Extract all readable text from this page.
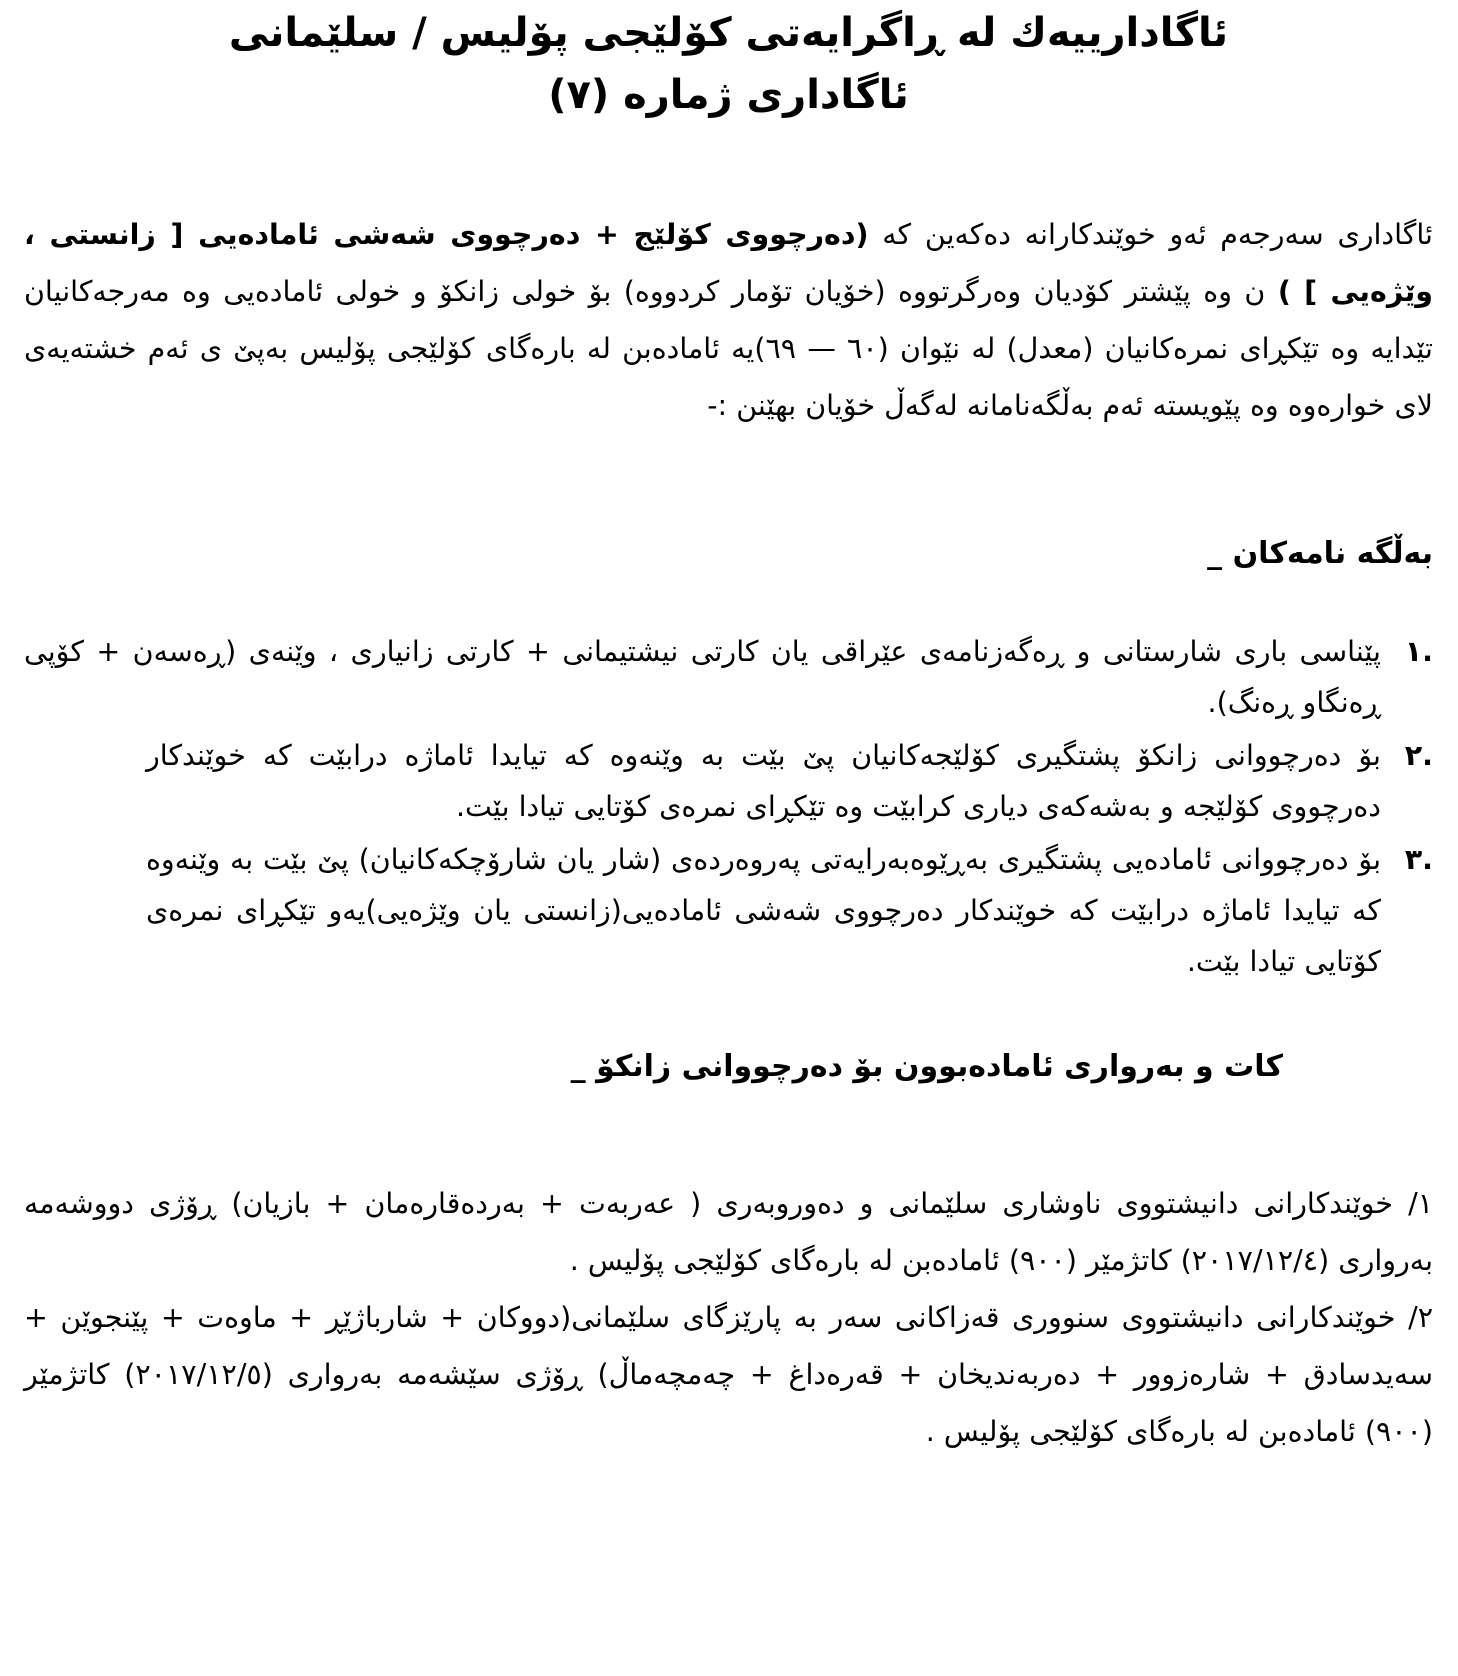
ئاگادارییەك لە ڕاگرایەتی كۆلێجی پۆلیس / سلێمانی

ئاگاداری ژمارە (٧)

ئاگاداری سەرجەم ئەو خوێندكارانە دەكەین كە (دەرچووی كۆلێج + دەرچووی شەشی ئامادەیی [ زانستی ، وێژەیی ] ) ن وە پێشتر كۆدیان وەرگرتووە (خۆیان تۆمار كردووە) بۆ خولی زانكۆ و خولی ئامادەیی وە مەرجەكانیان تێدایە وە تێكڕای نمرەكانیان (معدل) لە نێوان (٦٠ — ٦٩)یە ئامادەبن لە بارەگای كۆلێجی پۆلیس بەپێ ی ئەم خشتەیەی لای خوارەوە وە پێویستە ئەم بەڵگەنامانە لەگەڵ خۆیان بهێنن :-

بەڵگە نامەكان _

.١
پێناسی باری شارستانی و ڕەگەزنامەی عێراقی یان كارتی نیشتیمانی + كارتی زانیاری ، وێنەی (ڕەسەن + كۆپی ڕەنگاو ڕەنگ).
.٢
بۆ دەرچووانی زانكۆ پشتگیری كۆلێجەكانیان پێ بێت بە وێنەوە كە تیایدا ئاماژە درابێت كە خوێندكار دەرچووی كۆلێجە و بەشەكەی دیاری كرابێت وە تێكڕای نمرەی كۆتایی تیادا بێت.
.٣
بۆ دەرچووانی ئامادەیی پشتگیری بەڕێوەبەرایەتی پەروەردەی (شار یان شارۆچكەكانیان) پێ بێت بە وێنەوە كە تیایدا ئاماژە درابێت كە خوێندكار دەرچووی شەشی ئامادەیی(زانستی یان وێژەیی)یەو تێكڕای نمرەی كۆتایی تیادا بێت.

كات و بەرواری ئامادەبوون بۆ دەرچووانی زانكۆ _

١/ خوێندكارانی دانیشتووی ناوشاری سلێمانی و دەوروبەری ( عەربەت + بەردەقارەمان + بازیان) ڕۆژی دووشەمە بەرواری (٢٠١٧/١٢/٤) كاتژمێر (٩٠٠) ئامادەبن لە بارەگای كۆلێجی پۆلیس .

٢/ خوێندكارانی دانیشتووی سنووری قەزاكانی سەر بە پارێزگای سلێمانی(دووكان + شارباژێڕ + ماوەت + پێنجوێن + سەیدسادق + شارەزوور + دەربەندیخان + قەرەداغ + چەمچەماڵ) ڕۆژی سێشەمە بەرواری (٢٠١٧/١٢/٥) كاتژمێر (٩٠٠) ئامادەبن لە بارەگای كۆلێجی پۆلیس .
